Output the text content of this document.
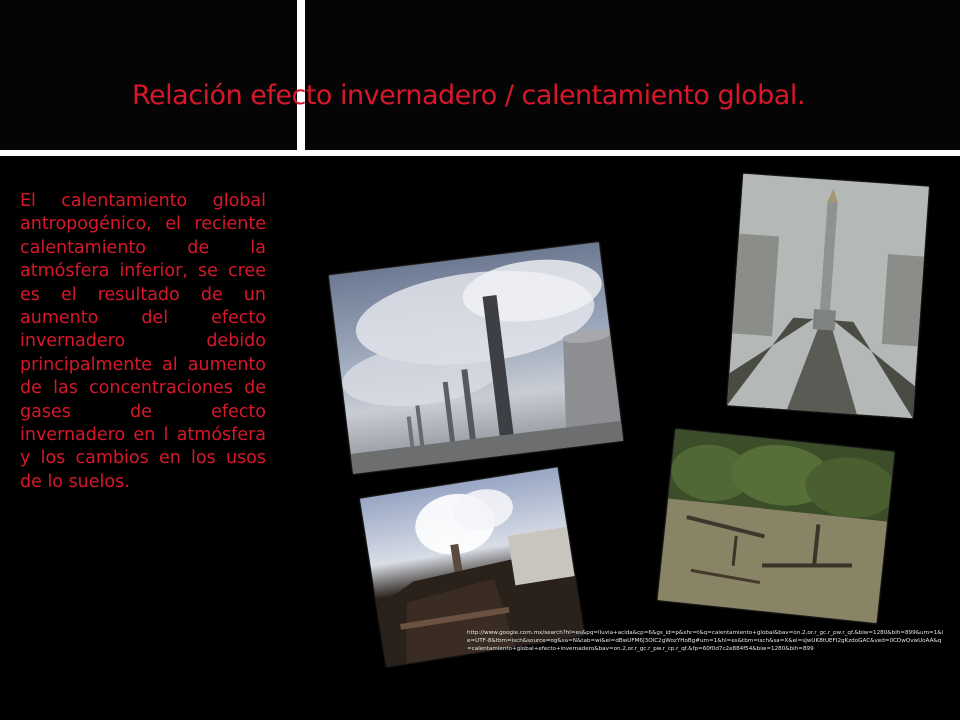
Relación efecto invernadero / calentamiento global.
El calentamiento global antropogénico, el reciente calentamiento de la atmósfera inferior, se cree es el resultado de un aumento del efecto invernadero debido principalmente al aumento de las concentraciones de gases de efecto invernadero en l atmósfera y los cambios en los usos de lo suelos.
http://www.google.com.mx/search?hl=es&pq=lluvia+acida&cp=6&gs_id=p&xhr=t&q=calentamiento+global&bav=on.2,or.r_gc.r_pw.r_qf.&biw=1280&bih=899&um=1&ie=UTF-8&tbm=isch&source=og&sa=N&tab=wi&ei=dBwUFM6J3OIC2gWozYHoBg#um=1&hl=es&tbm=isch&sa=X&ei=sJwUK8tUEFI2gKzdoGAC&ved=0CDwQvwUoAA&q=calentamiento+global+efecto+invernadero&bav=on.2,or.r_gc.r_pw.r_cp.r_qf.&fp=60f0d7c2e884f54&biw=1280&bih=899
